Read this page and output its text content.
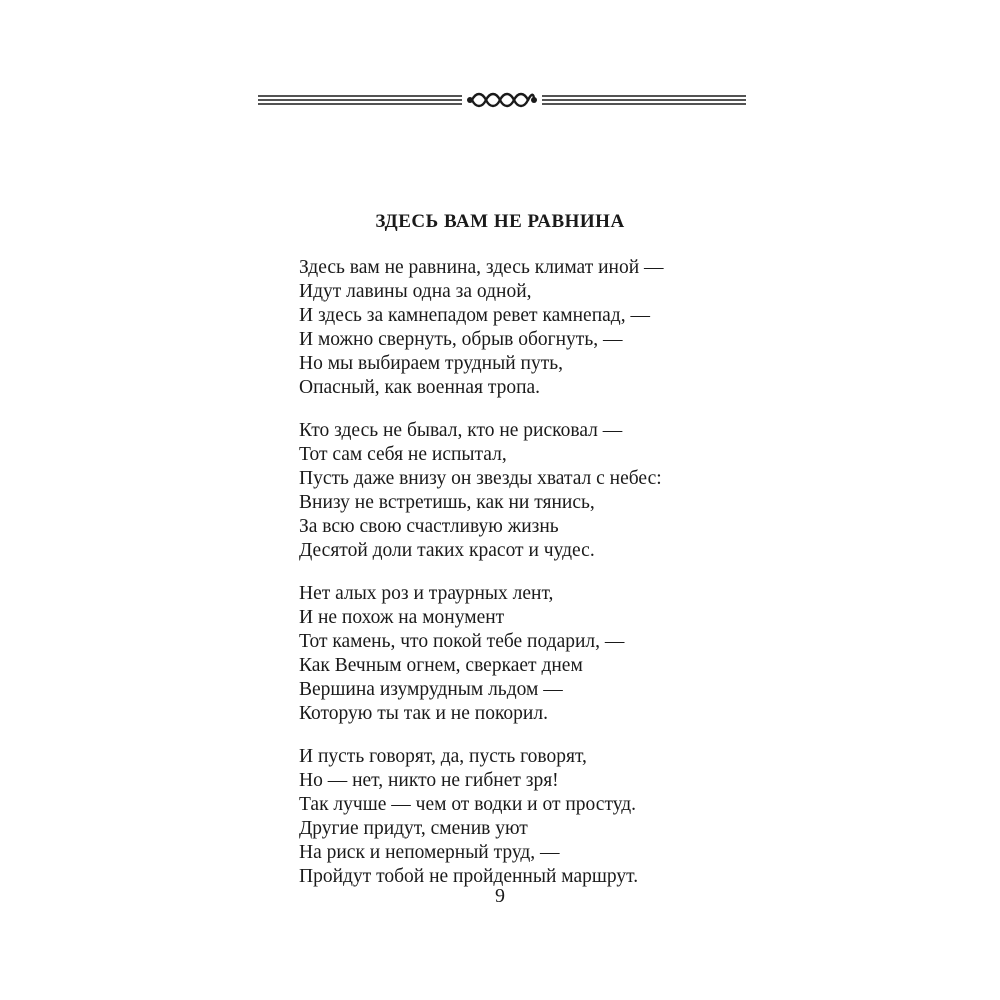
ЗДЕСЬ ВАМ НЕ РАВНИНА
Здесь вам не равнина, здесь климат иной —
Идут лавины одна за одной,
И здесь за камнепадом ревет камнепад, —
И можно свернуть, обрыв обогнуть, —
Но мы выбираем трудный путь,
Опасный, как военная тропа.
Кто здесь не бывал, кто не рисковал —
Тот сам себя не испытал,
Пусть даже внизу он звезды хватал с небес:
Внизу не встретишь, как ни тянись,
За всю свою счастливую жизнь
Десятой доли таких красот и чудес.
Нет алых роз и траурных лент,
И не похож на монумент
Тот камень, что покой тебе подарил, —
Как Вечным огнем, сверкает днем
Вершина изумрудным льдом —
Которую ты так и не покорил.
И пусть говорят, да, пусть говорят,
Но — нет, никто не гибнет зря!
Так лучше — чем от водки и от простуд.
Другие придут, сменив уют
На риск и непомерный труд, —
Пройдут тобой не пройденный маршрут.
9
